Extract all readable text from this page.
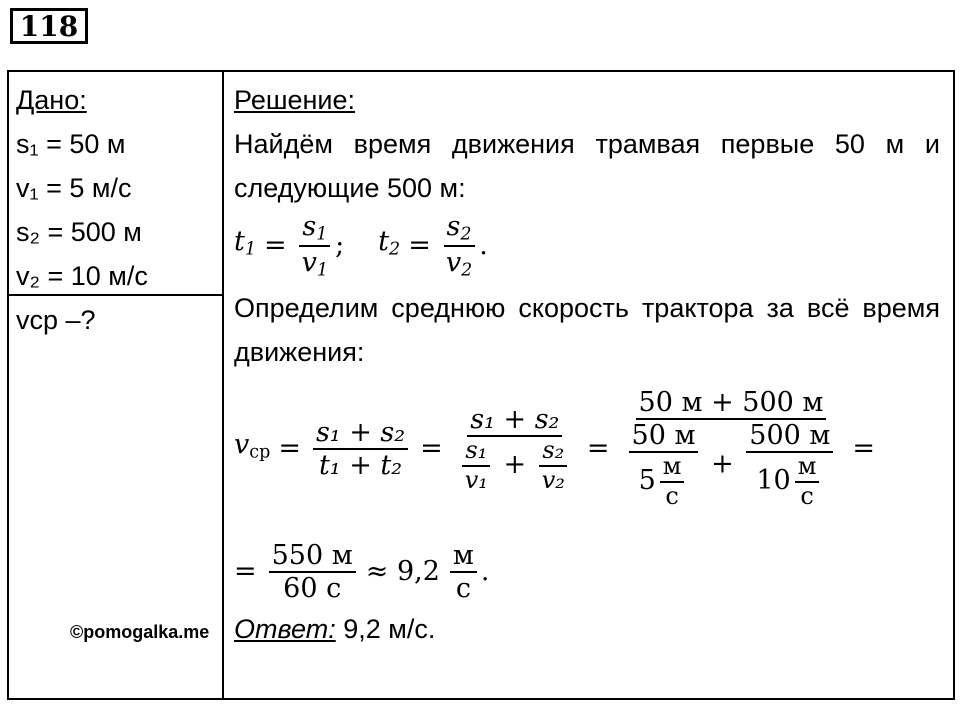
118
Дано:
s₁ = 50 м
v₁ = 5 м/с
s₂ = 500 м
v₂ = 10 м/с
vср –?
Решение:
Найдём время движения трамвая первые 50 м и следующие 500 м:
$t_1 = \frac{s_1}{v_1}$ ; $t_2 = \frac{s_2}{v_2}$ .
Определим среднюю скорость трактора за всё время движения:
$v_{ср} = \frac{\text{s₁ + s₂}}{\text{t₁ + t₂}} = \frac{\text{s₁ + s₂}}{\frac{\text{s₁}}{\text{v₁}} + \frac{\text{s₂}}{\text{v₂}}}$ =
50 м + 500 м
$\frac{50 м}{5 \frac{м}{с}} + \frac{500 м}{10 \frac{м}{с}}$ =
= $\frac{550 м}{60 с} \approx 9,2 \frac{м}{с}$ .
©pomogalka.me Ответ: 9,2 м/с.
